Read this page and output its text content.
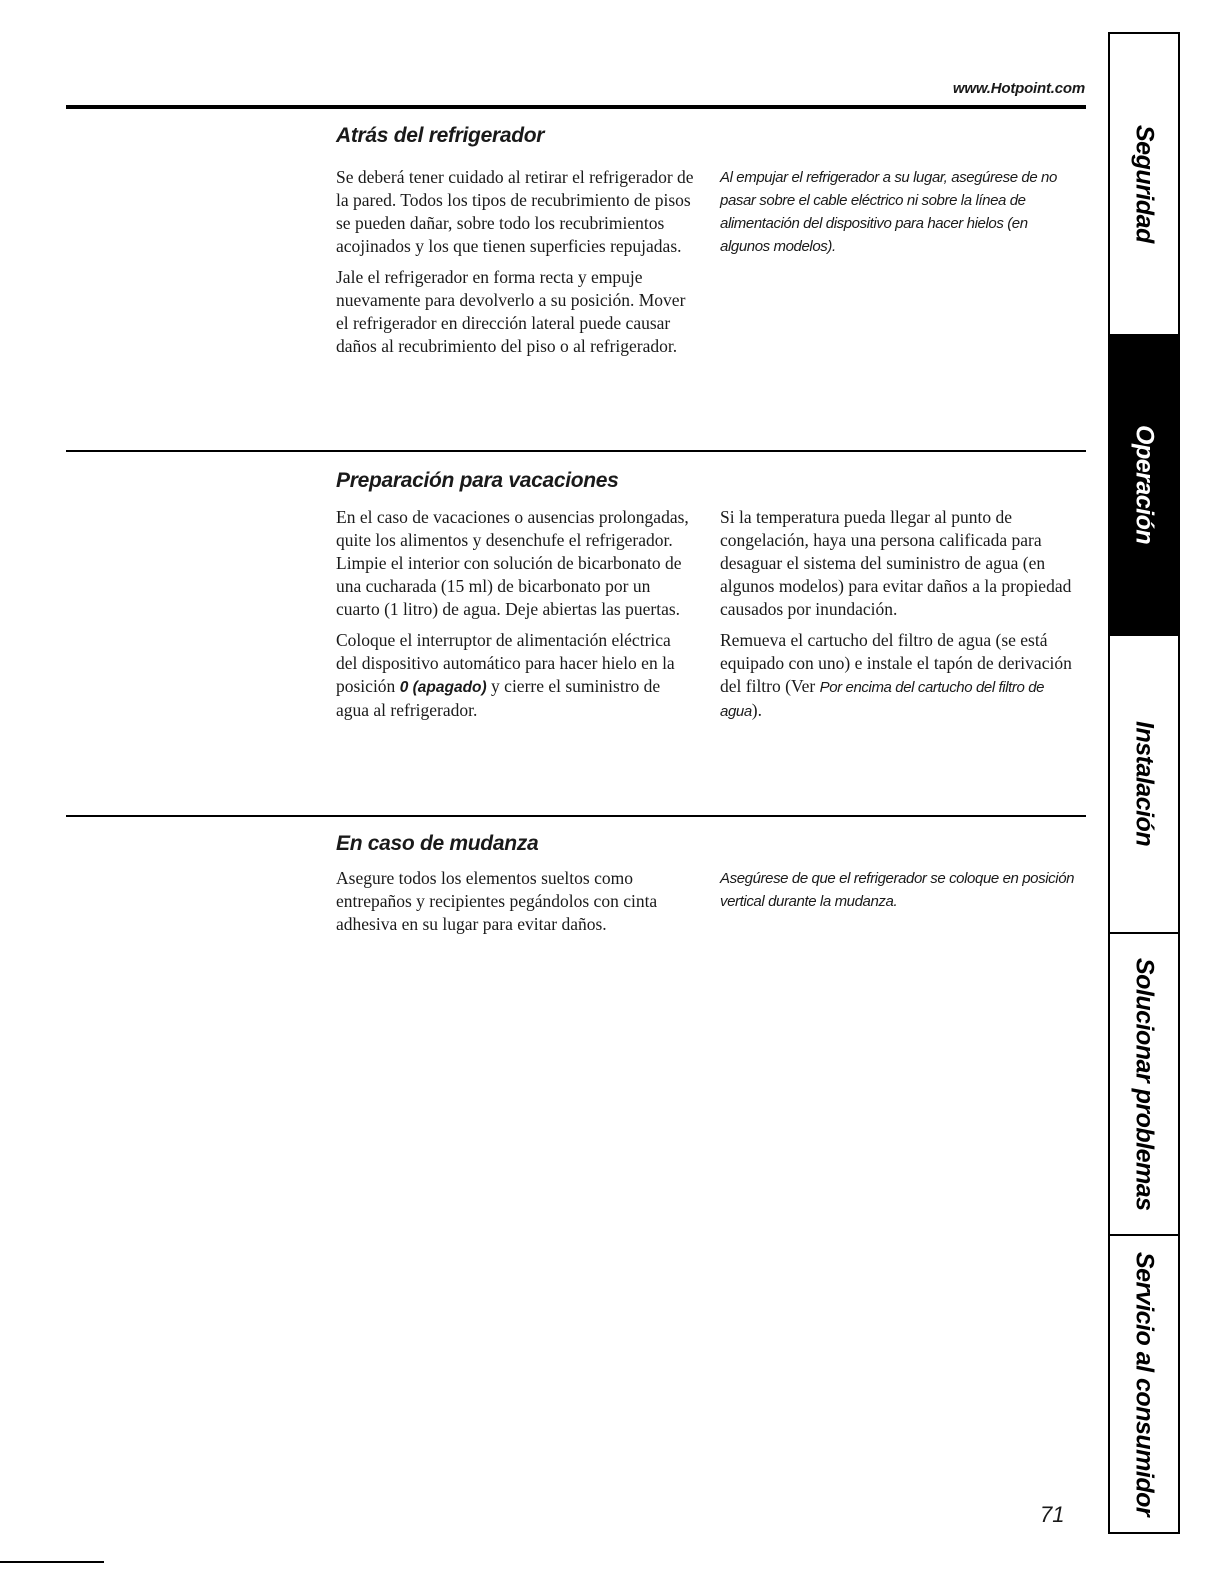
www.Hotpoint.com
Atrás del refrigerador

Se deberá tener cuidado al retirar el refrigerador de la pared. Todos los tipos de recubrimiento de pisos se pueden dañar, sobre todo los recubrimientos acojinados y los que tienen superficies repujadas.

Jale el refrigerador en forma recta y empuje nuevamente para devolverlo a su posición. Mover el refrigerador en dirección lateral puede causar daños al recubrimiento del piso o al refrigerador.

Al empujar el refrigerador a su lugar, asegúrese de no pasar sobre el cable eléctrico ni sobre la línea de alimentación del dispositivo para hacer hielos (en algunos modelos).

Preparación para vacaciones

En el caso de vacaciones o ausencias prolongadas, quite los alimentos y desenchufe el refrigerador. Limpie el interior con solución de bicarbonato de una cucharada (15 ml) de bicarbonato por un cuarto (1 litro) de agua. Deje abiertas las puertas.

Coloque el interruptor de alimentación eléctrica del dispositivo automático para hacer hielo en la posición 0 (apagado) y cierre el suministro de agua al refrigerador.

Si la temperatura pueda llegar al punto de congelación, haya una persona calificada para desaguar el sistema del suministro de agua (en algunos modelos) para evitar daños a la propiedad causados por inundación.

Remueva el cartucho del filtro de agua (se está equipado con uno) e instale el tapón de derivación del filtro (Ver Por encima del cartucho del filtro de agua).

En caso de mudanza

Asegure todos los elementos sueltos como entrepaños y recipientes pegándolos con cinta adhesiva en su lugar para evitar daños.

Asegúrese de que el refrigerador se coloque en posición vertical durante la mudanza.

Seguridad
Operación
Instalación
Solucionar problemas
Servicio al consumidor
71
